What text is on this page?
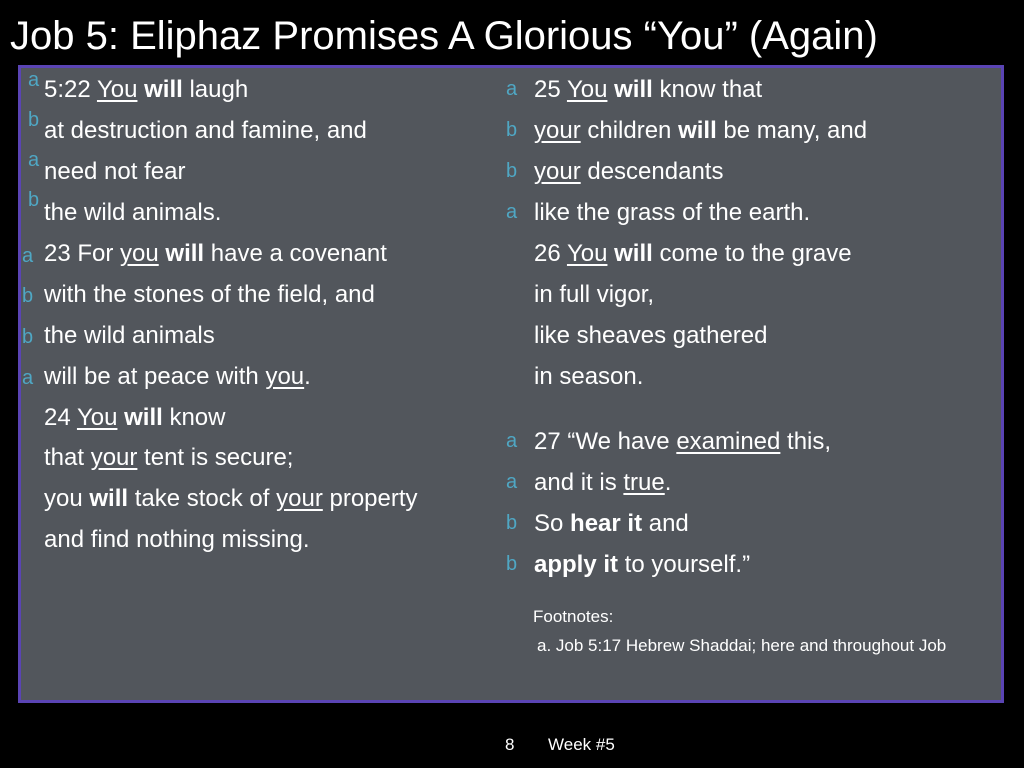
Job 5: Eliphaz Promises A Glorious “You” (Again)
5:22 You will laugh
a
at destruction and famine, and
b
need not fear
a
the wild animals.
b
23 For you will have a covenant
a
with the stones of the field, and
b
the wild animals
b
will be at peace with you.
a
24 You will know
that your tent is secure;
you will take stock of your property
and find nothing missing.
25 You will know that
a
your children will be many, and
b
your descendants
b
like the grass of the earth.
a
26 You will come to the grave
in full vigor,
like sheaves gathered
in season.
27 “We have examined this,
a
and it is true.
a
So hear it and
b
apply it to yourself.”
b
Footnotes:
a. Job 5:17 Hebrew Shaddai; here and throughout Job
8 Week #5
